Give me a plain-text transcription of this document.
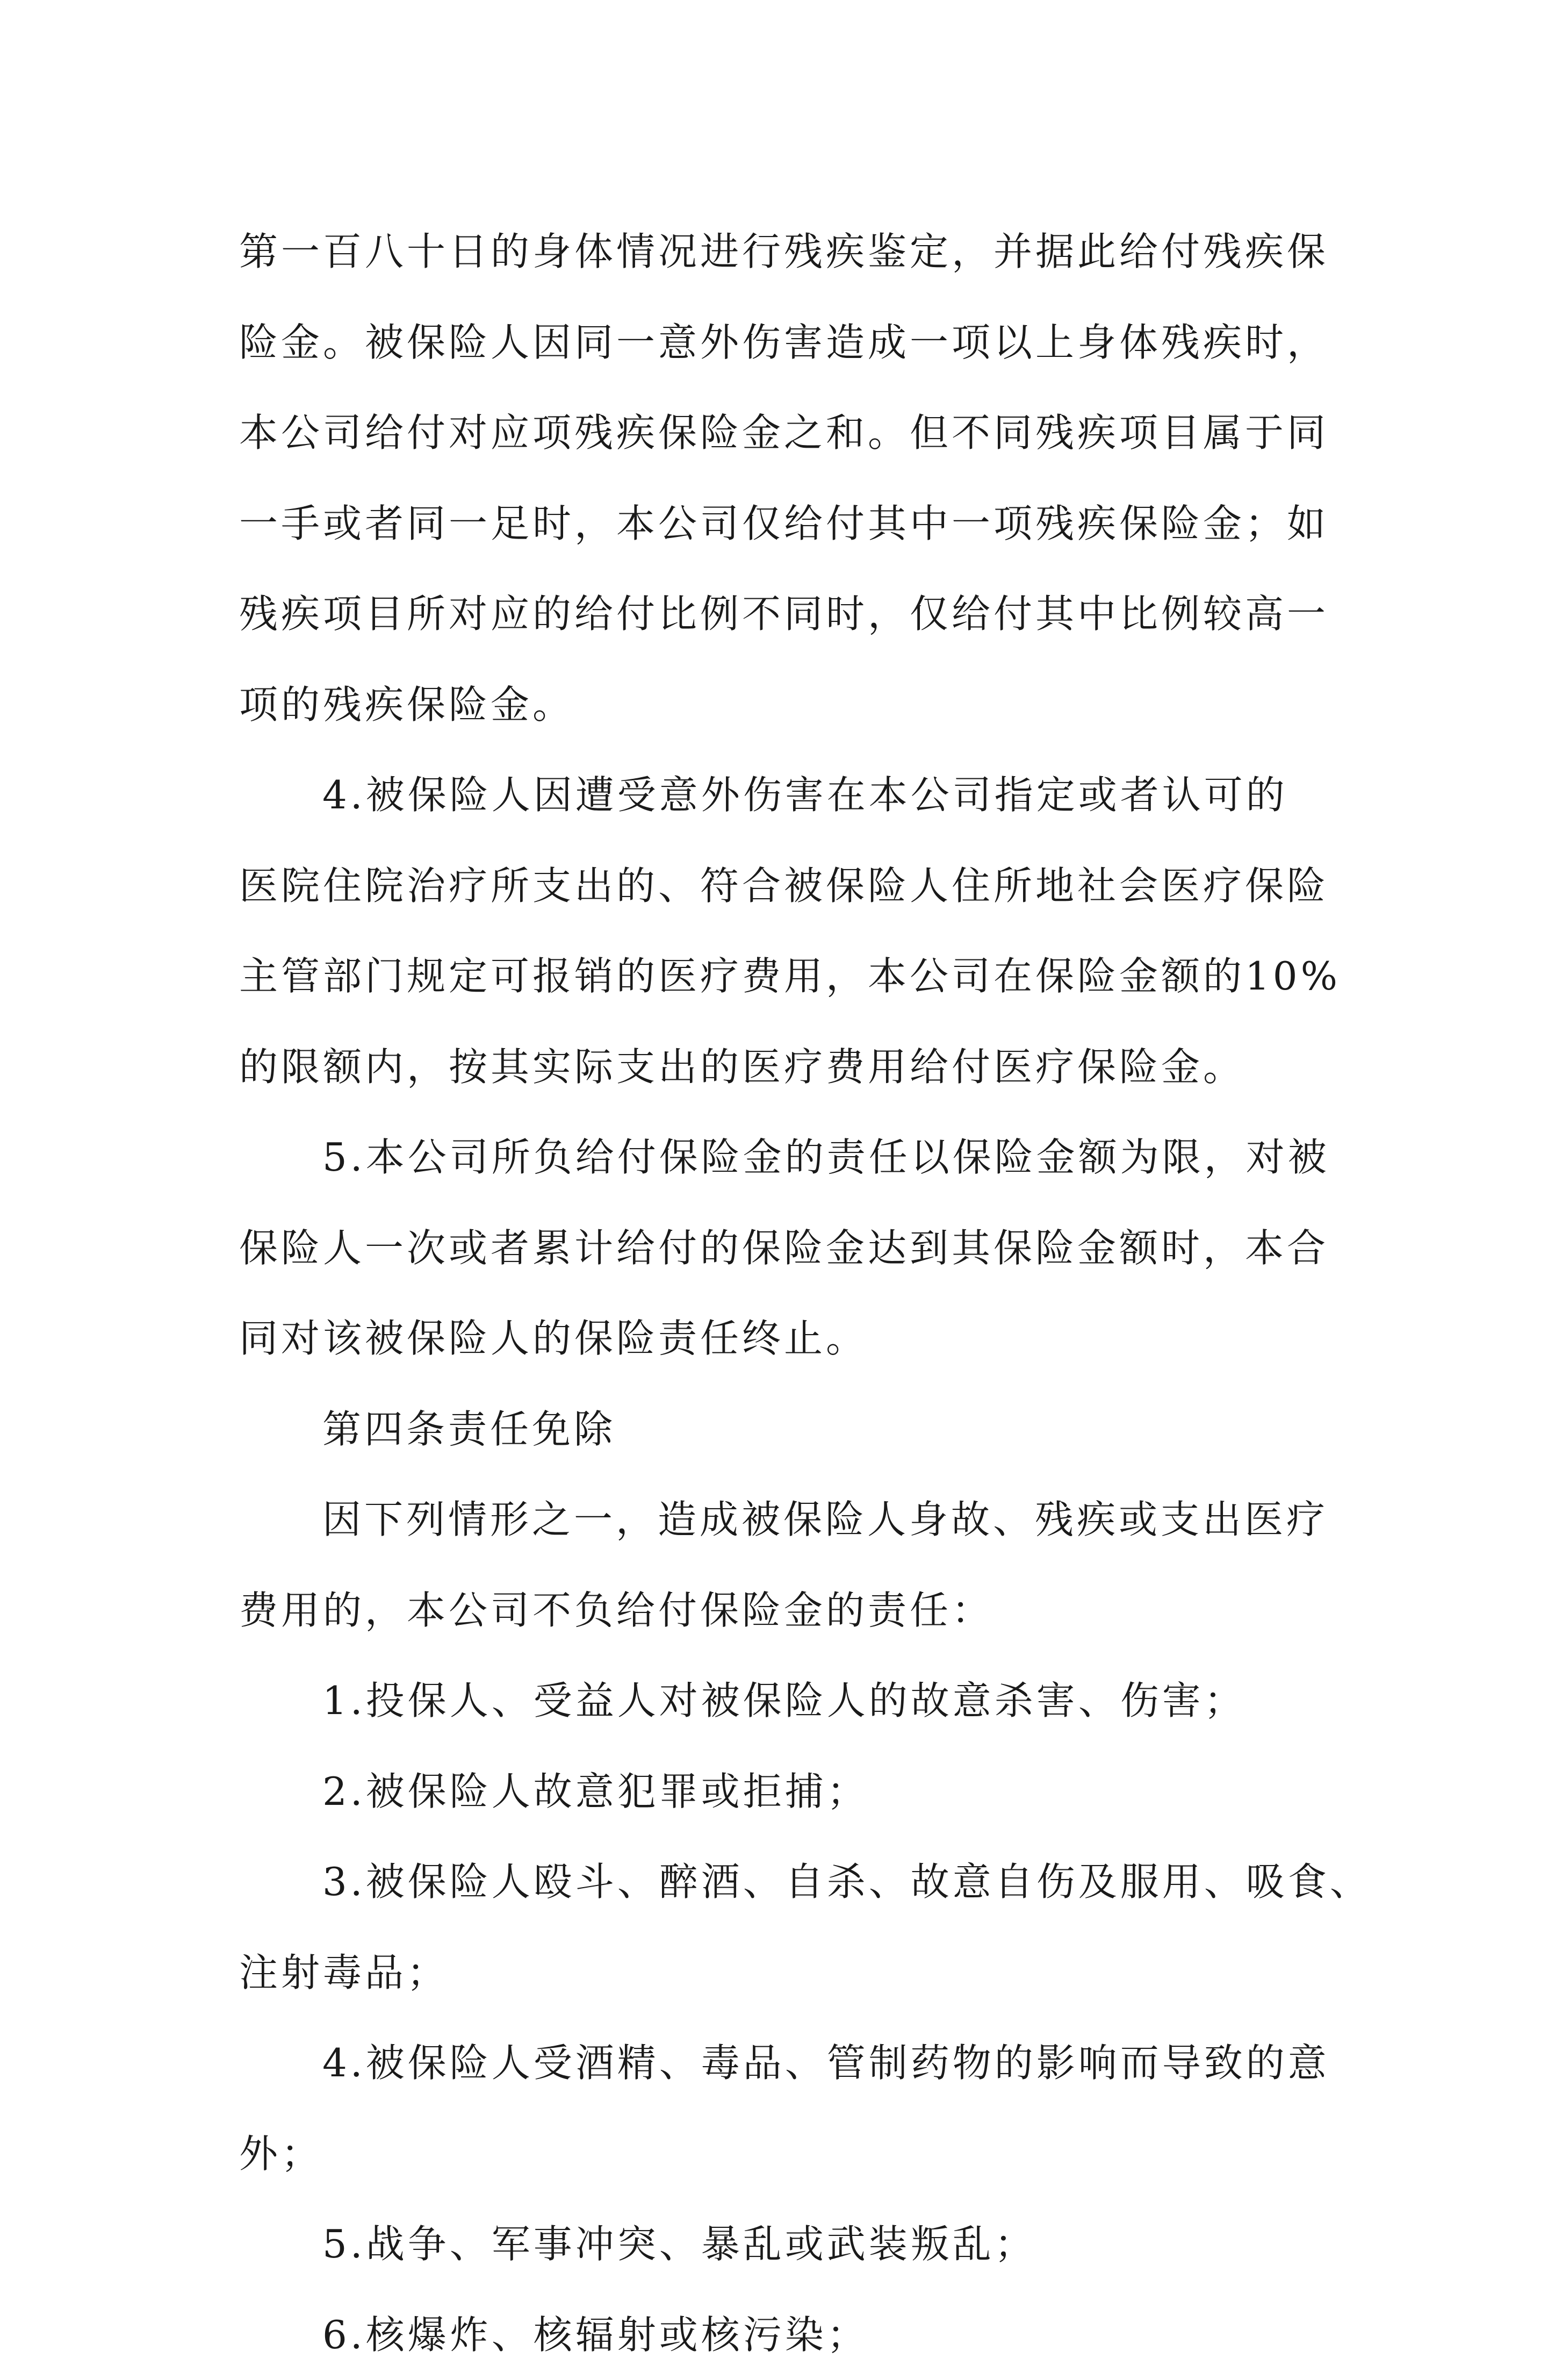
第一百八十日的身体情况进行残疾鉴定，并据此给付残疾保
险金。被保险人因同一意外伤害造成一项以上身体残疾时，
本公司给付对应项残疾保险金之和。但不同残疾项目属于同
一手或者同一足时，本公司仅给付其中一项残疾保险金；如
残疾项目所对应的给付比例不同时，仅给付其中比例较高一
项的残疾保险金。
4.被保险人因遭受意外伤害在本公司指定或者认可的
医院住院治疗所支出的、符合被保险人住所地社会医疗保险
主管部门规定可报销的医疗费用，本公司在保险金额的10%
的限额内，按其实际支出的医疗费用给付医疗保险金。
5.本公司所负给付保险金的责任以保险金额为限，对被
保险人一次或者累计给付的保险金达到其保险金额时，本合
同对该被保险人的保险责任终止。
第四条责任免除
因下列情形之一，造成被保险人身故、残疾或支出医疗
费用的，本公司不负给付保险金的责任：
1.投保人、受益人对被保险人的故意杀害、伤害；
2.被保险人故意犯罪或拒捕；
3.被保险人殴斗、醉酒、自杀、故意自伤及服用、吸食、
注射毒品；
4.被保险人受酒精、毒品、管制药物的影响而导致的意
外；
5.战争、军事冲突、暴乱或武装叛乱；
6.核爆炸、核辐射或核污染；
